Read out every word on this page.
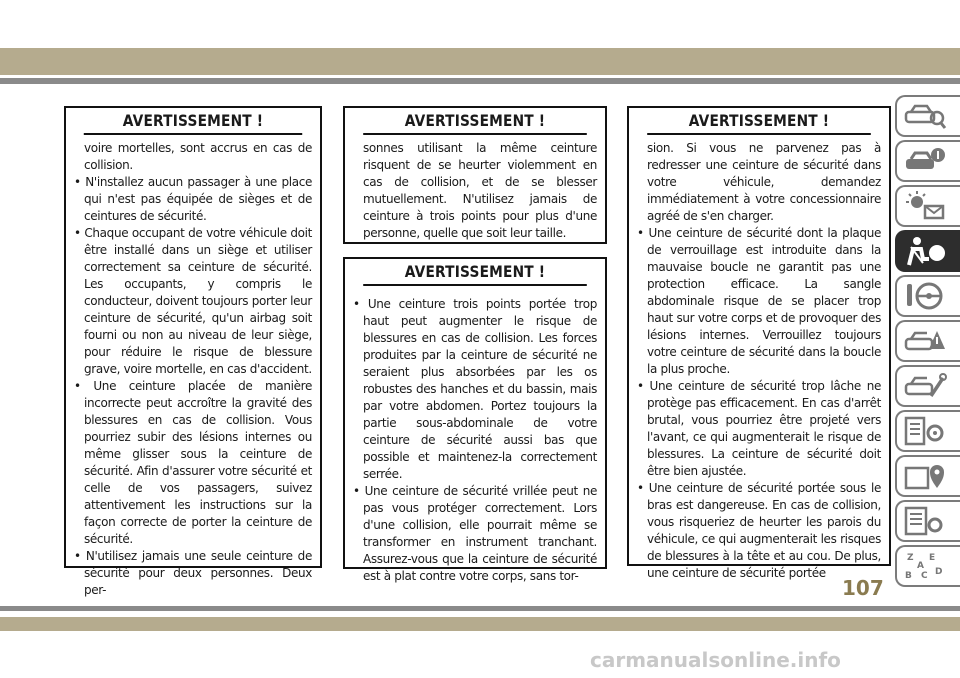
AVERTISSEMENT !

voire mortelles, sont accrus en cas de collision.

• N'installez aucun passager à une place qui n'est pas équipée de sièges et de ceintures de sécurité.
• Chaque occupant de votre véhicule doit être installé dans un siège et utiliser correctement sa ceinture de sécurité. Les occupants, y compris le conducteur, doivent toujours porter leur ceinture de sécurité, qu'un airbag soit fourni ou non au niveau de leur siège, pour réduire le risque de blessure grave, voire mortelle, en cas d'accident.
• Une ceinture placée de manière incorrecte peut accroître la gravité des blessures en cas de collision. Vous pourriez subir des lésions internes ou même glisser sous la ceinture de sécurité. Afin d'assurer votre sécurité et celle de vos passagers, suivez attentivement les instructions sur la façon correcte de porter la ceinture de sécurité.
• N'utilisez jamais une seule ceinture de sécurité pour deux personnes. Deux per-
AVERTISSEMENT !

sonnes utilisant la même ceinture risquent de se heurter violemment en cas de collision, et de se blesser mutuellement. N'utilisez jamais de ceinture à trois points pour plus d'une personne, quelle que soit leur taille.

AVERTISSEMENT !
• Une ceinture trois points portée trop haut peut augmenter le risque de blessures en cas de collision. Les forces produites par la ceinture de sécurité ne seraient plus absorbées par les os robustes des hanches et du bassin, mais par votre abdomen. Portez toujours la partie sous-abdominale de votre ceinture de sécurité aussi bas que possible et maintenez-la correctement serrée.
• Une ceinture de sécurité vrillée peut ne pas vous protéger correctement. Lors d'une collision, elle pourrait même se transformer en instrument tranchant. Assurez-vous que la ceinture de sécurité est à plat contre votre corps, sans tor-
AVERTISSEMENT !

sion. Si vous ne parvenez pas à redresser une ceinture de sécurité dans votre véhicule, demandez immédiatement à votre concessionnaire agréé de s'en charger.

• Une ceinture de sécurité dont la plaque de verrouillage est introduite dans la mauvaise boucle ne garantit pas une protection efficace. La sangle abdominale risque de se placer trop haut sur votre corps et de provoquer des lésions internes. Verrouillez toujours votre ceinture de sécurité dans la boucle la plus proche.
• Une ceinture de sécurité trop lâche ne protège pas efficacement. En cas d'arrêt brutal, vous pourriez être projeté vers l'avant, ce qui augmenterait le risque de blessures. La ceinture de sécurité doit être bien ajustée.
• Une ceinture de sécurité portée sous le bras est dangereuse. En cas de collision, vous risqueriez de heurter les parois du véhicule, ce qui augmenterait les risques de blessures à la tête et au cou. De plus, une ceinture de sécurité portée
Z E
A
B C D
107
carmanualsonline.info
